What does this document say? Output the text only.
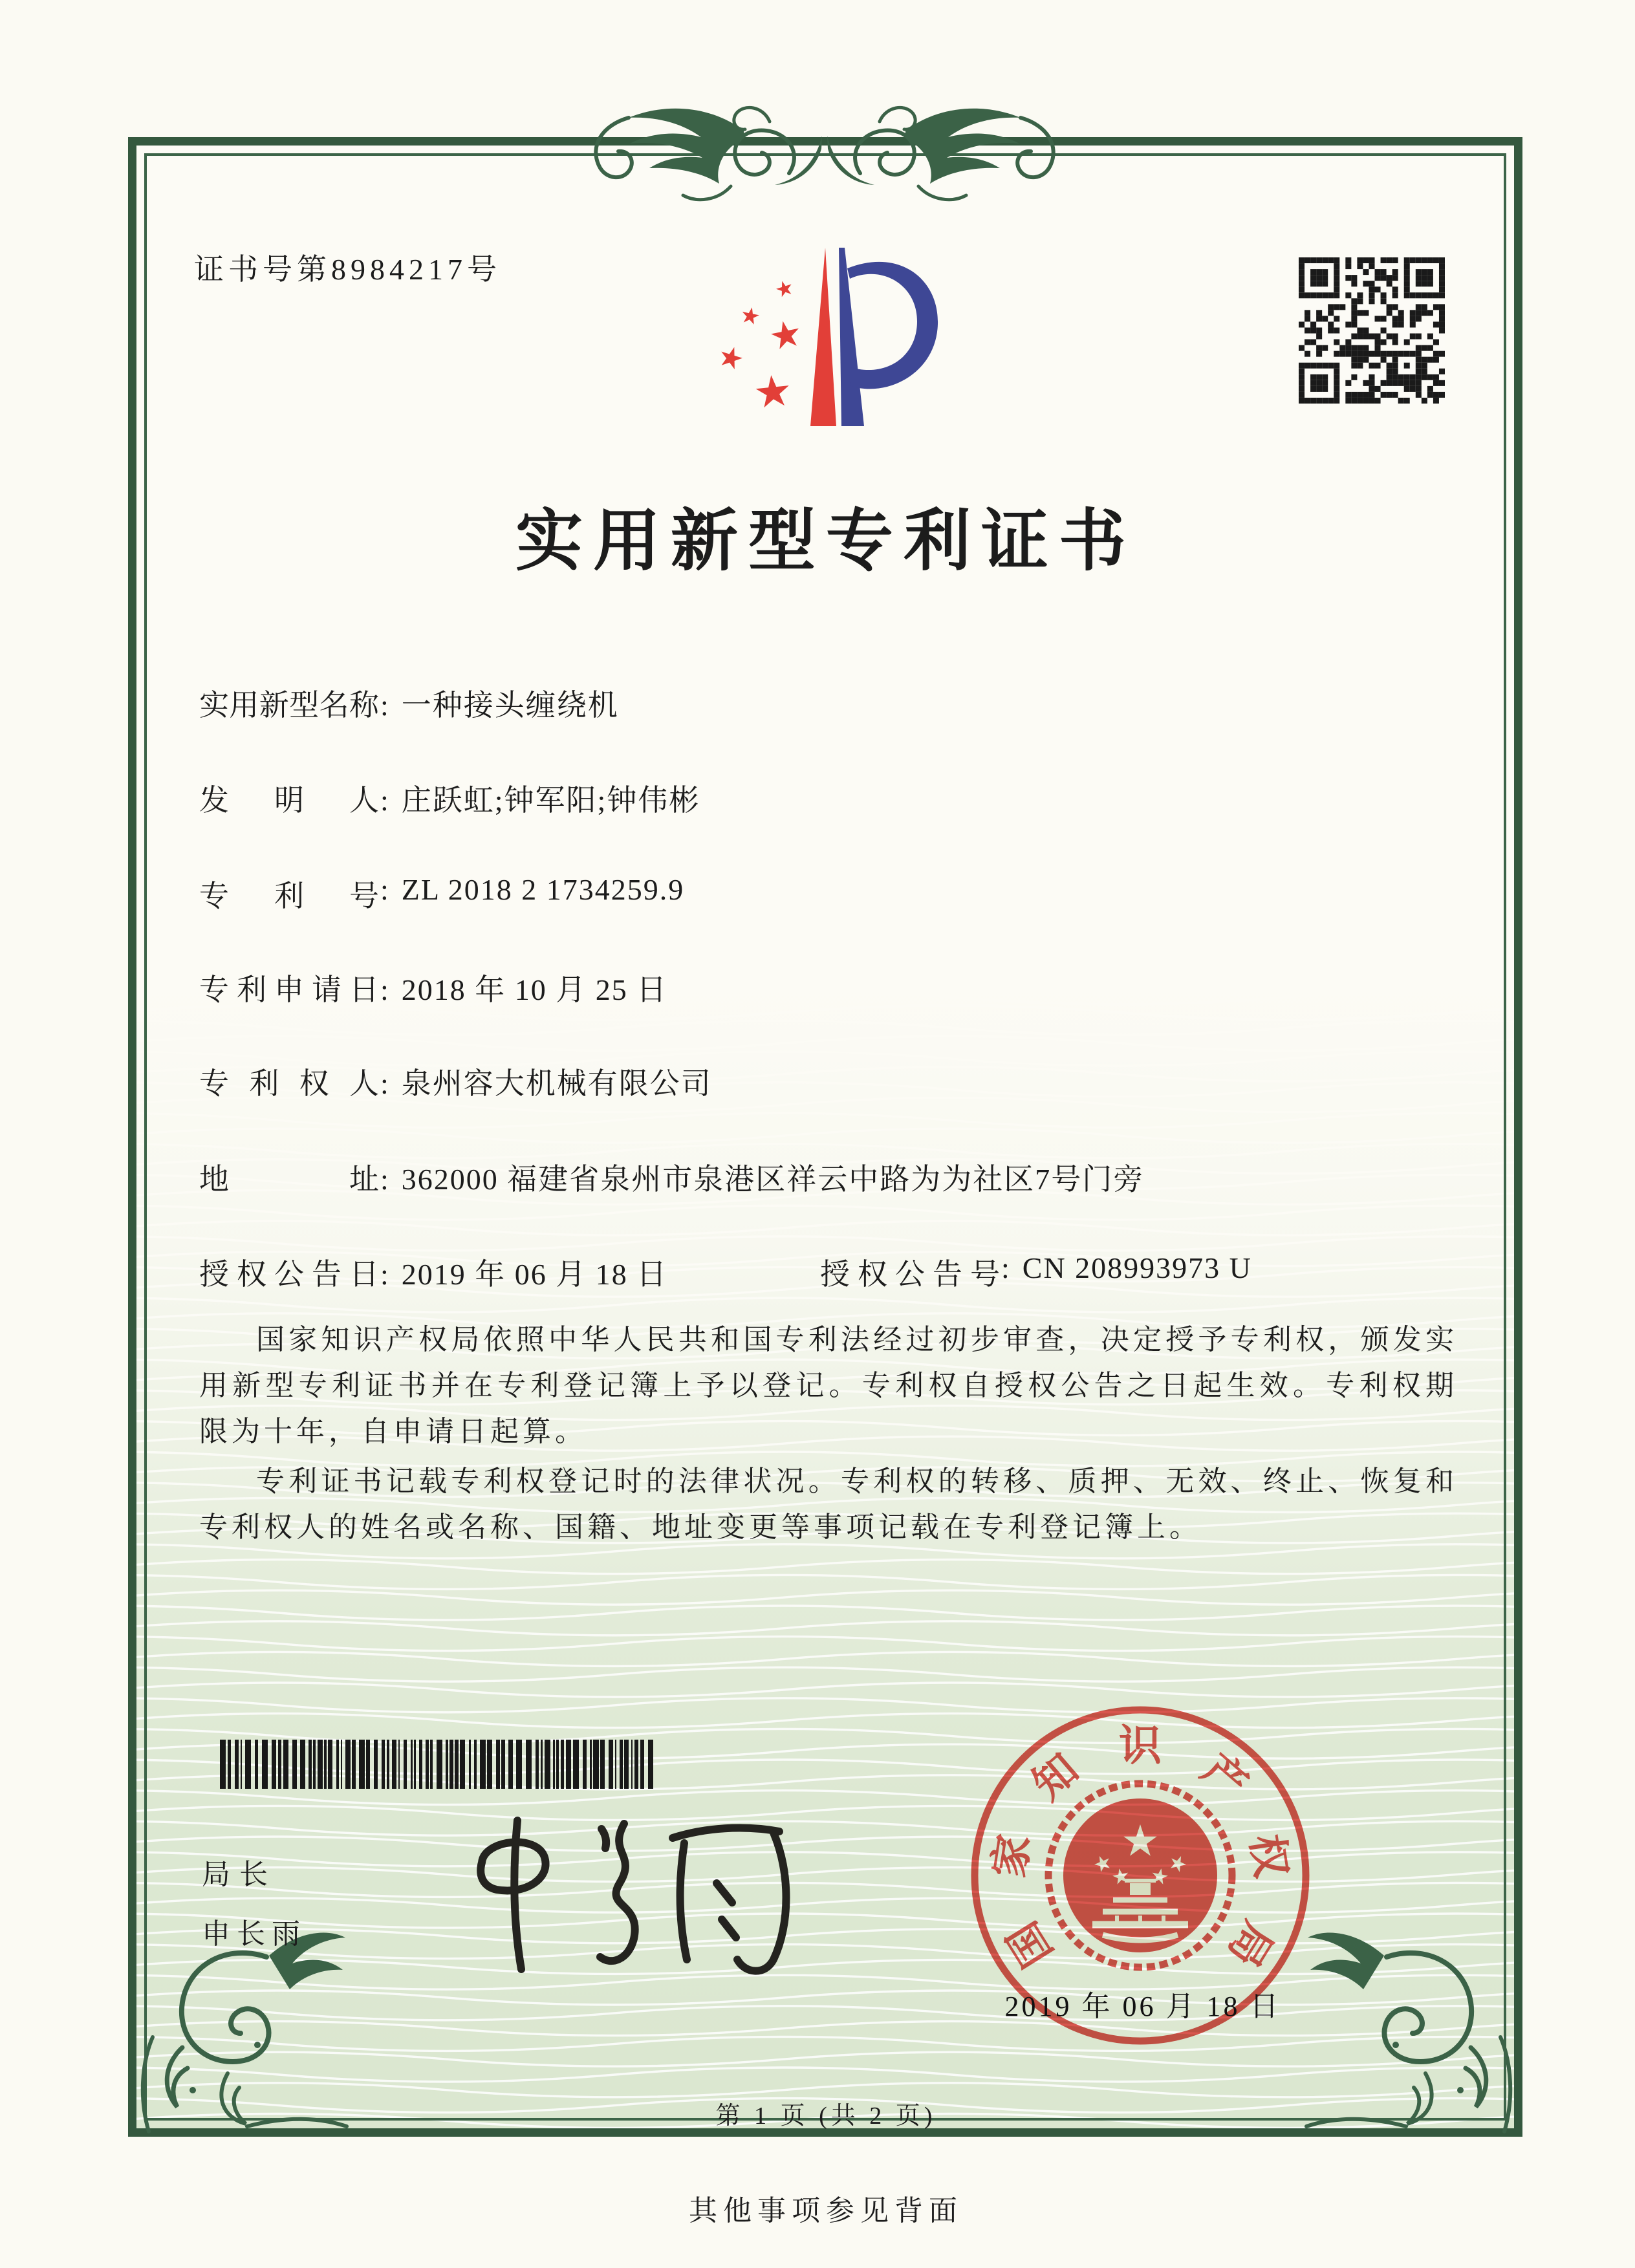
证书号第8984217号
实用新型专利证书
实用新型名称: 一种接头缠绕机
发明人: 庄跃虹;钟军阳;钟伟彬
专利号: ZL 2018 2 1734259.9
专利申请日: 2018 年 10 月 25 日
专利权人: 泉州容大机械有限公司
地址: 362000 福建省泉州市泉港区祥云中路为为社区7号门旁
授权公告日: 2019 年 06 月 18 日	授权公告号: CN 208993973 U

国家知识产权局依照中华人民共和国专利法经过初步审查，决定授予专利权，颁发实用新型专利证书并在专利登记簿上予以登记。专利权自授权公告之日起生效。专利权期限为十年，自申请日起算。

专利证书记载专利权登记时的法律状况。专利权的转移、质押、无效、终止、恢复和专利权人的姓名或名称、国籍、地址变更等事项记载在专利登记簿上。

局长
申长雨	国
家
知 识 产
权
局
2019 年 06 月 18 日
第 1 页 (共 2 页)
其他事项参见背面
